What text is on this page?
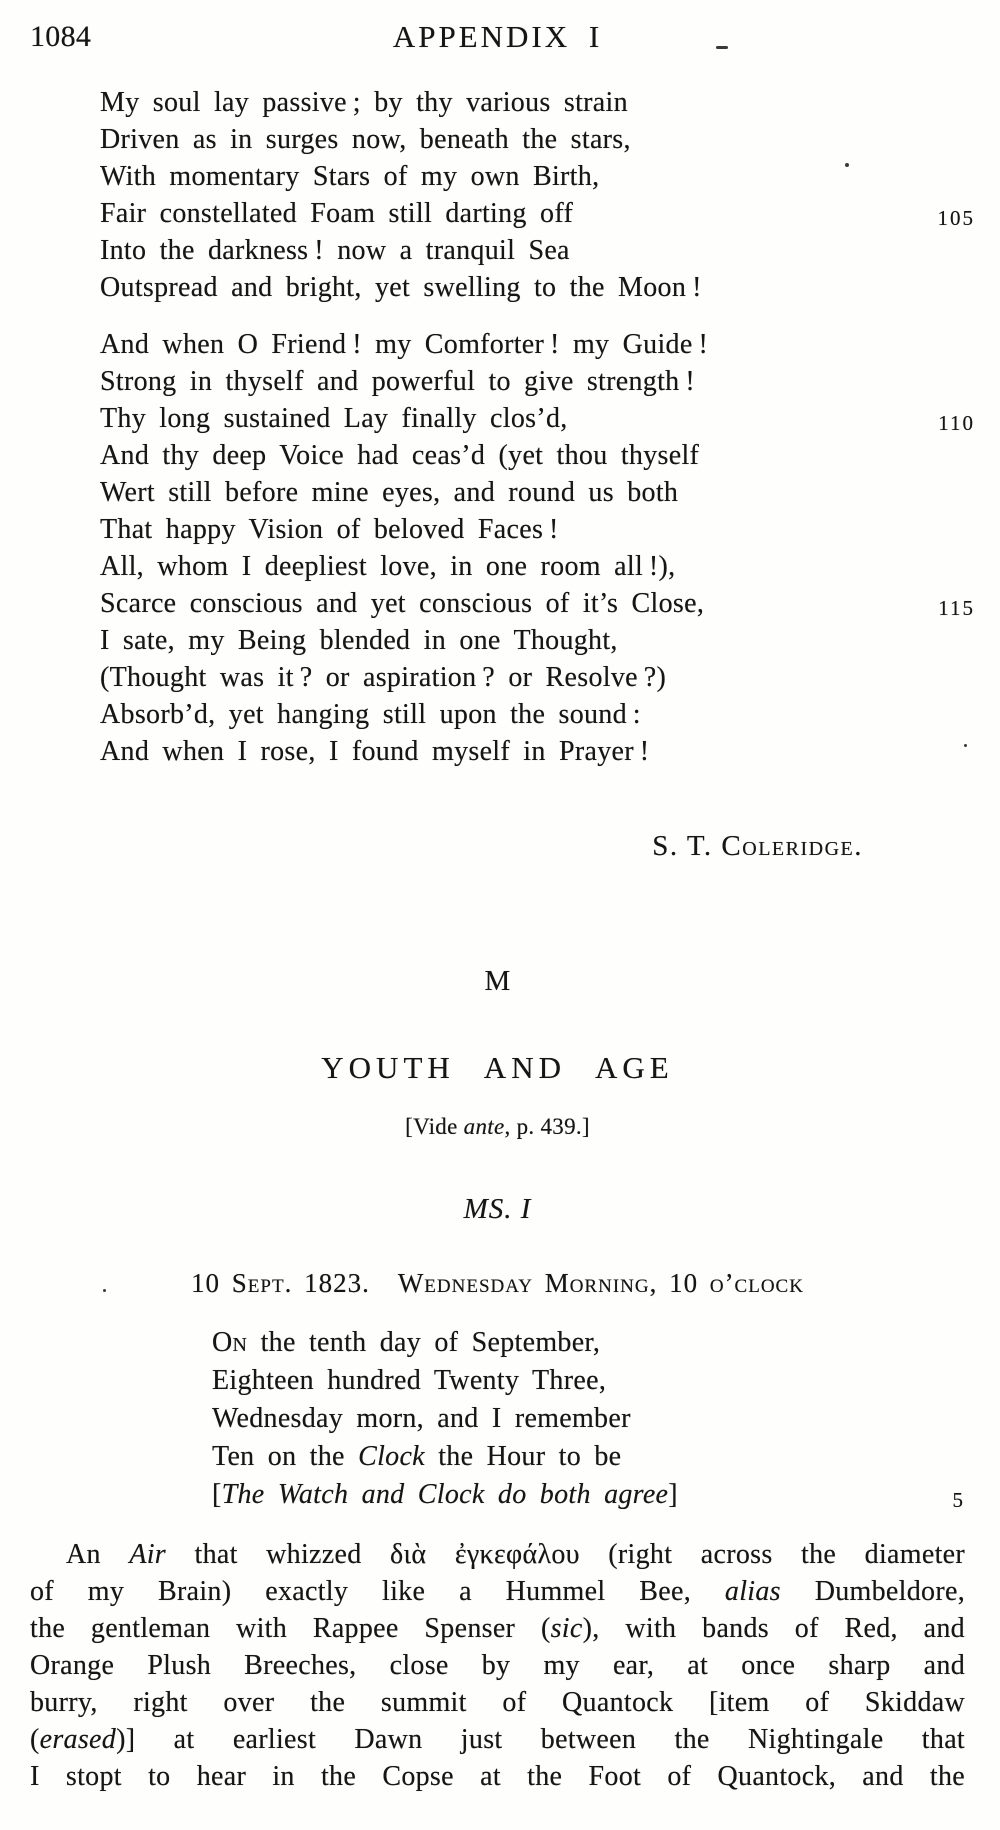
1084	APPENDIX I
My soul lay passive ; by thy various strain
Driven as in surges now, beneath the stars,
With momentary Stars of my own Birth,
Fair constellated Foam still darting off	105
Into the darkness ! now a tranquil Sea
Outspread and bright, yet swelling to the Moon !
And when O Friend ! my Comforter ! my Guide !
Strong in thyself and powerful to give strength !
Thy long sustained Lay finally clos’d,	110
And thy deep Voice had ceas’d (yet thou thyself
Wert still before mine eyes, and round us both
That happy Vision of beloved Faces !
All, whom I deepliest love, in one room all !),
Scarce conscious and yet conscious of it’s Close,	115
I sate, my Being blended in one Thought,
(Thought was it ? or aspiration ? or Resolve ?)
Absorb’d, yet hanging still upon the sound :
And when I rose, I found myself in Prayer !
S. T. Coleridge.
M
YOUTH AND AGE
[Vide ante, p. 439.]
MS. I
10 Sept. 1823. Wednesday Morning, 10 o’clock
On the tenth day of September,
Eighteen hundred Twenty Three,
Wednesday morn, and I remember
Ten on the Clock the Hour to be
[The Watch and Clock do both agree]	5
An Air that whizzed διὰ ἐγκεφάλου (right across the diameter
of my Brain) exactly like a Hummel Bee, alias Dumbeldore,
the gentleman with Rappee Spenser (sic), with bands of Red, and
Orange Plush Breeches, close by my ear, at once sharp and
burry, right over the summit of Quantock [item of Skiddaw
(erased)] at earliest Dawn just between the Nightingale that
I stopt to hear in the Copse at the Foot of Quantock, and the
